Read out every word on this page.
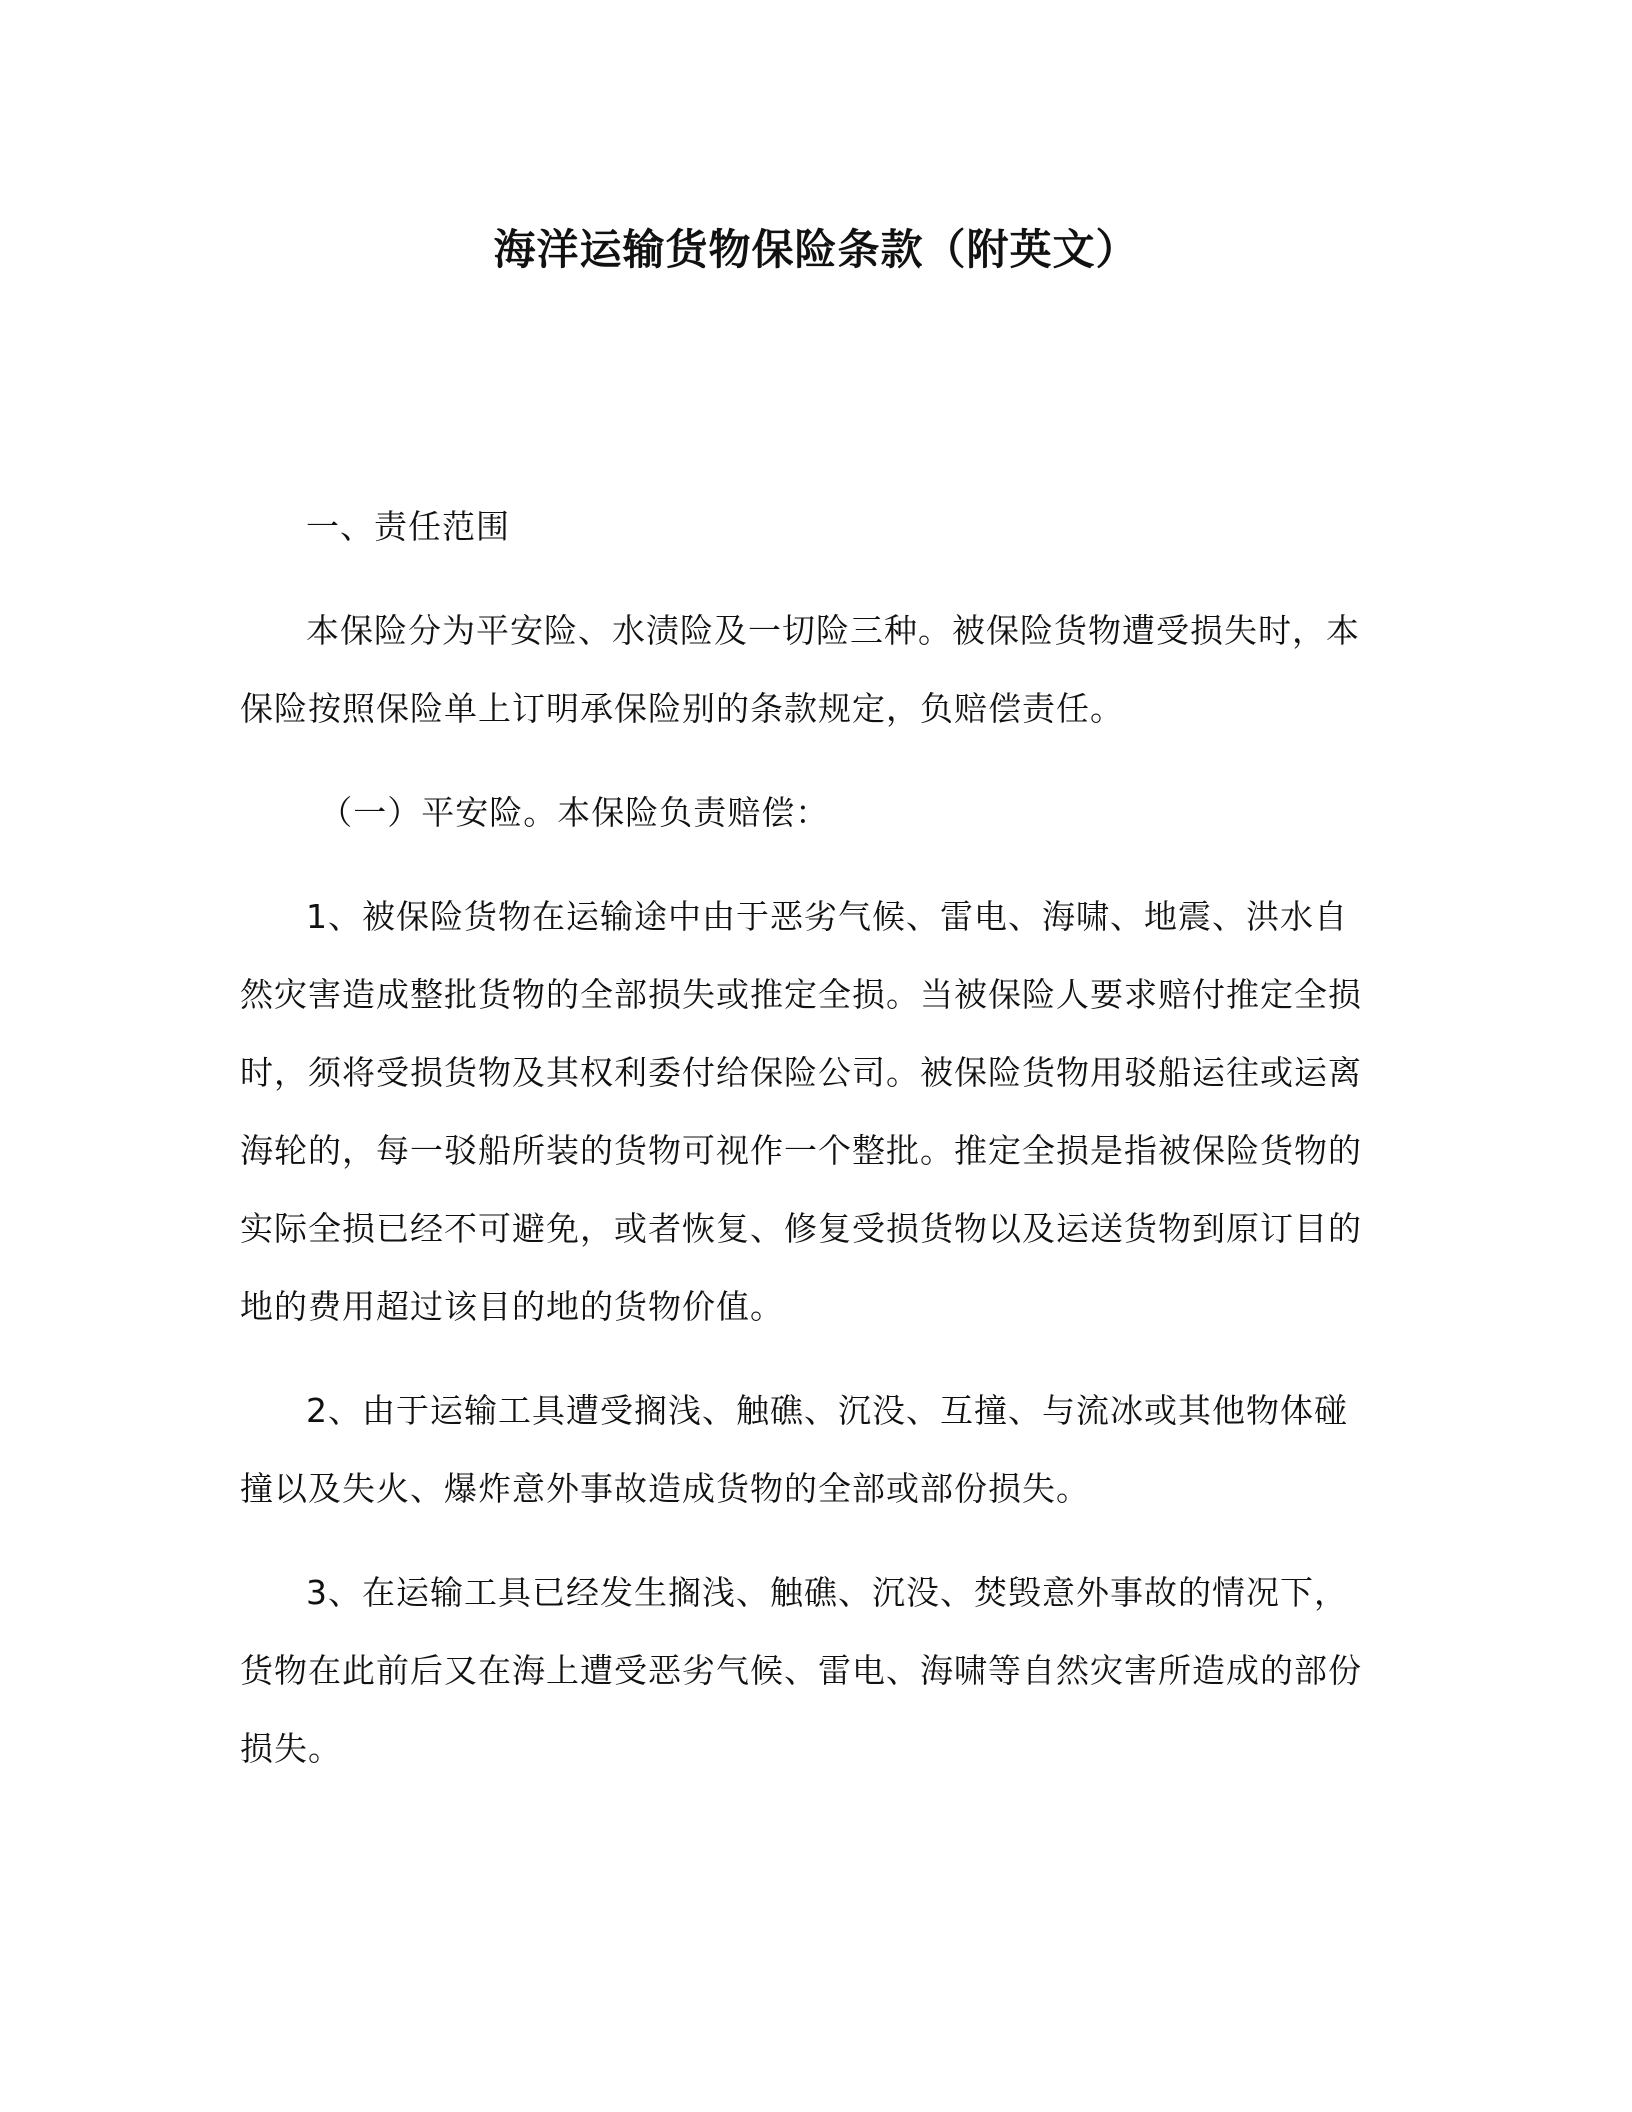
海洋运输货物保险条款（附英文）

一、责任范围

本保险分为平安险、水渍险及一切险三种。被保险货物遭受损失时，本保险按照保险单上订明承保险别的条款规定，负赔偿责任。

（一）平安险。本保险负责赔偿：

1、被保险货物在运输途中由于恶劣气候、雷电、海啸、地震、洪水自然灾害造成整批货物的全部损失或推定全损。当被保险人要求赔付推定全损时，须将受损货物及其权利委付给保险公司。被保险货物用驳船运往或运离海轮的，每一驳船所装的货物可视作一个整批。推定全损是指被保险货物的实际全损已经不可避免，或者恢复、修复受损货物以及运送货物到原订目的地的费用超过该目的地的货物价值。

2、由于运输工具遭受搁浅、触礁、沉没、互撞、与流冰或其他物体碰撞以及失火、爆炸意外事故造成货物的全部或部份损失。

3、在运输工具已经发生搁浅、触礁、沉没、焚毁意外事故的情况下，货物在此前后又在海上遭受恶劣气候、雷电、海啸等自然灾害所造成的部份损失。
